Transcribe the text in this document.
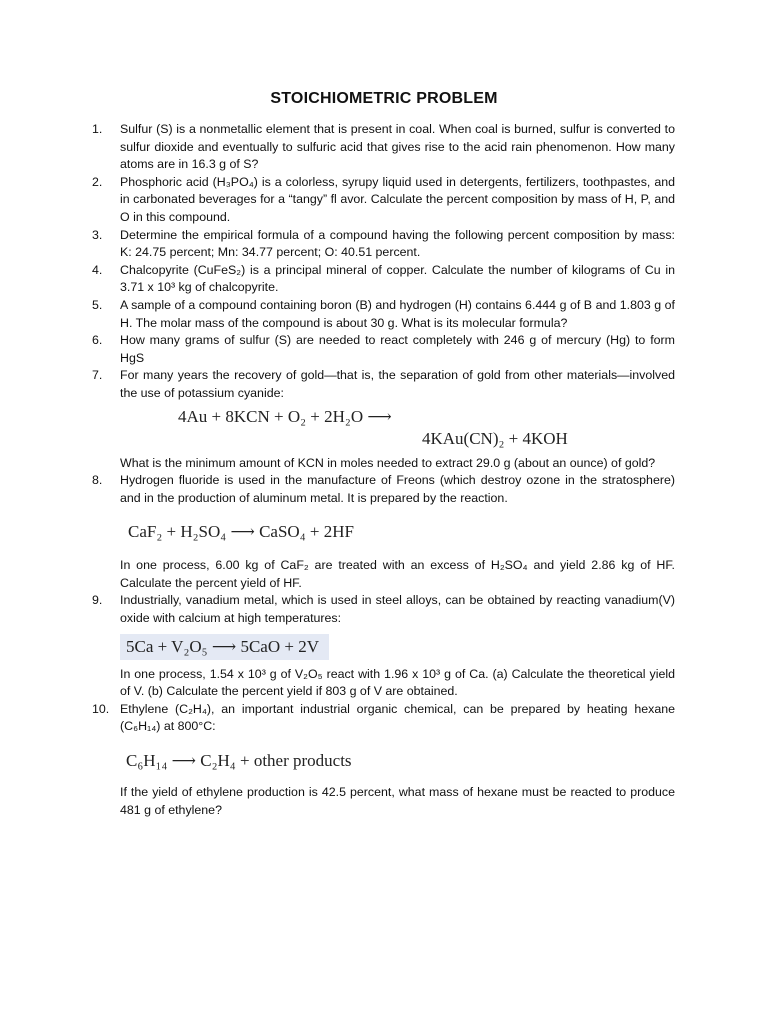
STOICHIOMETRIC PROBLEM
1.	Sulfur (S) is a nonmetallic element that is present in coal. When coal is burned, sulfur is converted to sulfur dioxide and eventually to sulfuric acid that gives rise to the acid rain phenomenon. How many atoms are in 16.3 g of S?
2.	Phosphoric acid (H₃PO₄) is a colorless, syrupy liquid used in detergents, fertilizers, toothpastes, and in carbonated beverages for a “tangy” fl avor. Calculate the percent composition by mass of H, P, and O in this compound.
3.	Determine the empirical formula of a compound having the following percent composition by mass: K: 24.75 percent; Mn: 34.77 percent; O: 40.51 percent.
4.	Chalcopyrite (CuFeS₂) is a principal mineral of copper. Calculate the number of kilograms of Cu in 3.71 x 10³ kg of chalcopyrite.
5.	A sample of a compound containing boron (B) and hydrogen (H) contains 6.444 g of B and 1.803 g of H. The molar mass of the compound is about 30 g. What is its molecular formula?
6.	How many grams of sulfur (S) are needed to react completely with 246 g of mercury (Hg) to form HgS
7.	For many years the recovery of gold—that is, the separation of gold from other materials—involved the use of potassium cyanide:
4Au + 8KCN + O₂ + 2H₂O ⟶
4KAu(CN)₂ + 4KOH
What is the minimum amount of KCN in moles needed to extract 29.0 g (about an ounce) of gold?
8.	Hydrogen fluoride is used in the manufacture of Freons (which destroy ozone in the stratosphere) and in the production of aluminum metal. It is prepared by the reaction.
CaF₂ + H₂SO₄ ⟶ CaSO₄ + 2HF
In one process, 6.00 kg of CaF₂ are treated with an excess of H₂SO₄ and yield 2.86 kg of HF. Calculate the percent yield of HF.
9.	Industrially, vanadium metal, which is used in steel alloys, can be obtained by reacting vanadium(V) oxide with calcium at high temperatures:
5Ca + V₂O₅ ⟶ 5CaO + 2V
In one process, 1.54 x 10³ g of V₂O₅ react with 1.96 x 10³ g of Ca. (a) Calculate the theoretical yield of V. (b) Calculate the percent yield if 803 g of V are obtained.
10. Ethylene (C₂H₄), an important industrial organic chemical, can be prepared by heating hexane (C₆H₁₄) at 800°C:
C₆H₁₄ ⟶ C₂H₄ + other products
If the yield of ethylene production is 42.5 percent, what mass of hexane must be reacted to produce 481 g of ethylene?
